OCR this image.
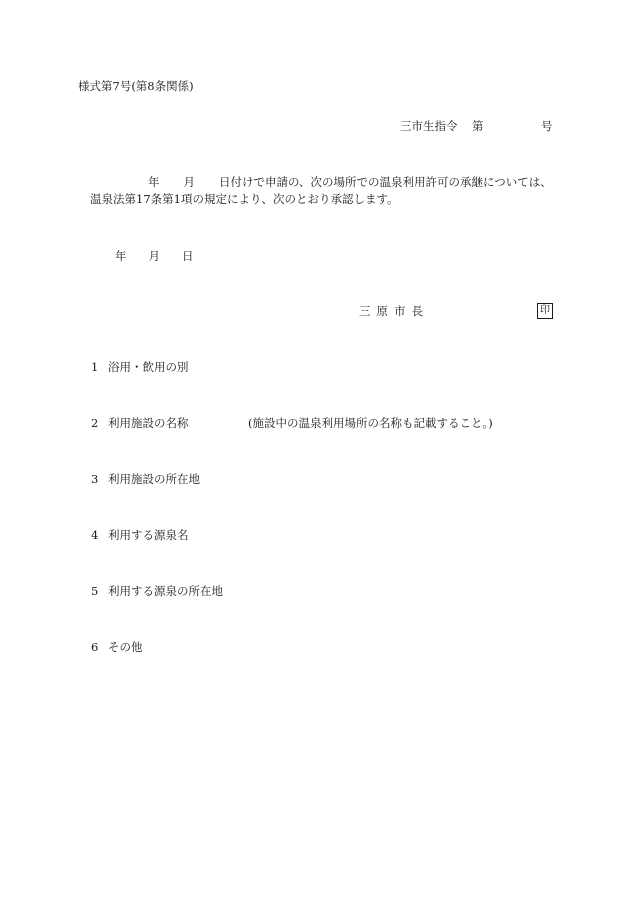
様式第7号(第8条関係)
三市生指令 第	号
年 月 日付けで申請の、次の場所での温泉利用許可の承継については、
温泉法第17条第1項の規定により、次のとおり承認します。
年 月 日
三原市長	印
1 浴用・飲用の別
2 利用施設の名称	(施設中の温泉利用場所の名称も記載すること。)
3 利用施設の所在地
4 利用する源泉名
5 利用する源泉の所在地
6 その他
